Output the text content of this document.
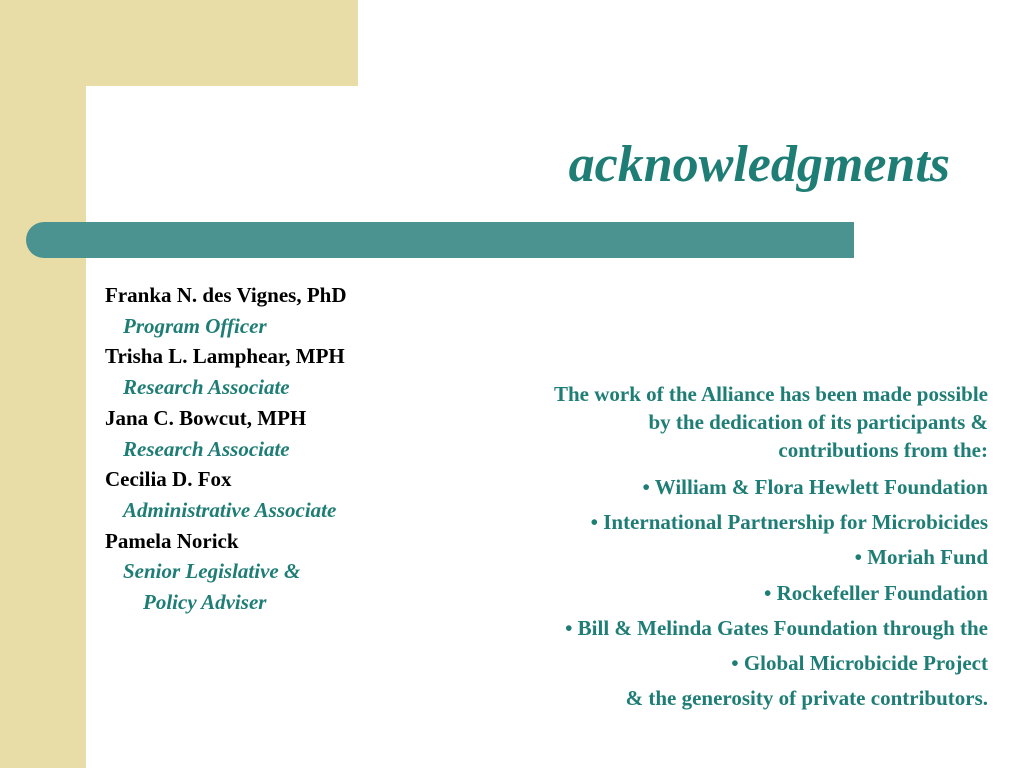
acknowledgments
Franka N. des Vignes, PhD
Program Officer
Trisha L. Lamphear, MPH
Research Associate
Jana C. Bowcut, MPH
Research Associate
Cecilia D. Fox
Administrative Associate
Pamela Norick
Senior Legislative &
Policy Adviser
The work of the Alliance has been made possible
by the dedication of its participants &
contributions from the:
• William & Flora Hewlett Foundation
• International Partnership for Microbicides
• Moriah Fund
• Rockefeller Foundation
• Bill & Melinda Gates Foundation through the
• Global Microbicide Project
& the generosity of private contributors.
